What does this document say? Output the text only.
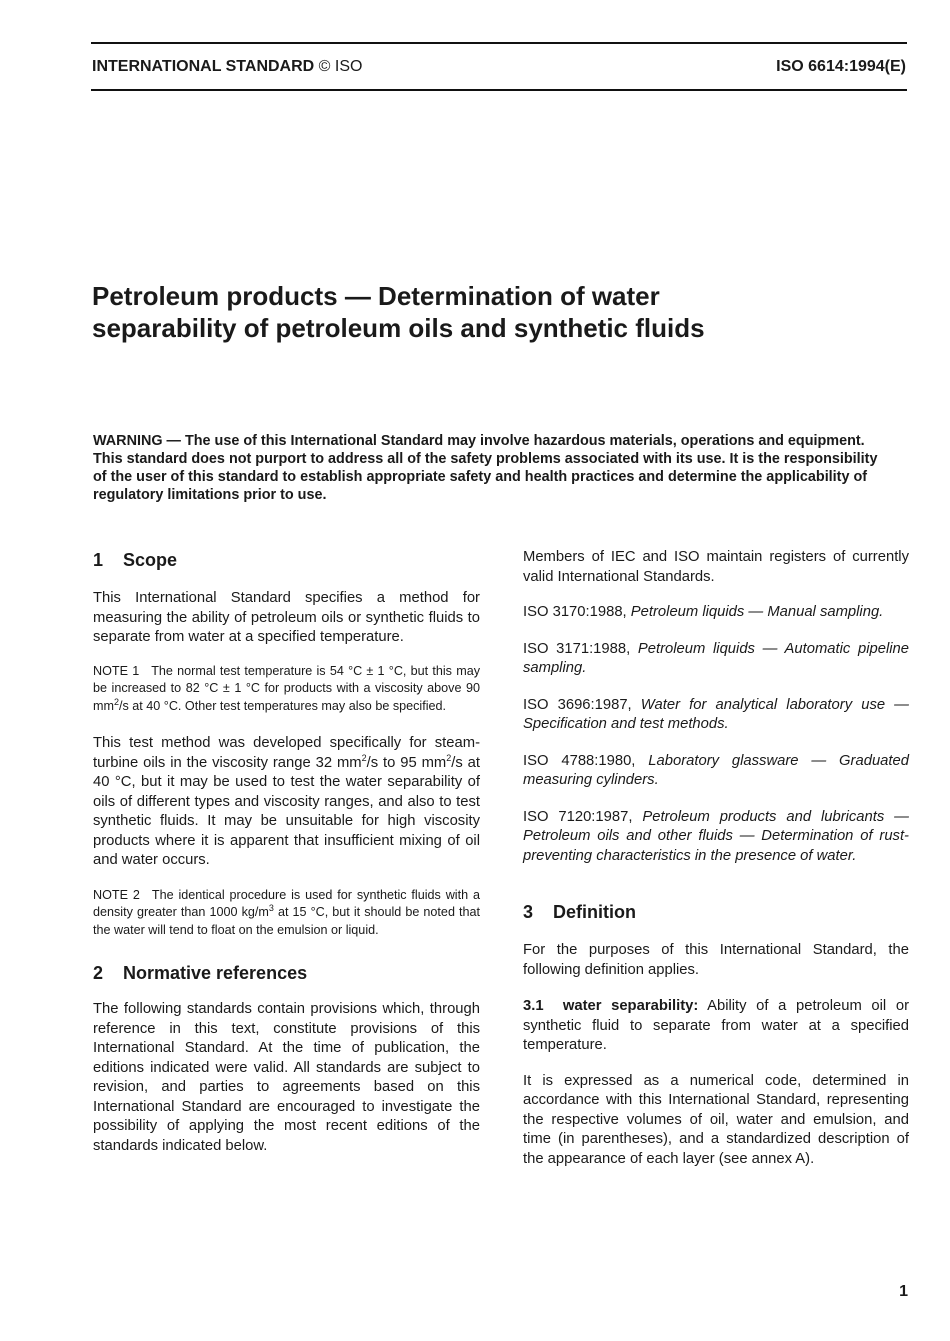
INTERNATIONAL STANDARD © ISO	ISO 6614:1994(E)
Petroleum products — Determination of water
separability of petroleum oils and synthetic fluids

WARNING — The use of this International Standard may involve hazardous materials, operations and equipment. This standard does not purport to address all of the safety problems associated with its use. It is the responsibility of the user of this standard to establish appropriate safety and health practices and determine the applicability of regulatory limitations prior to use.

1 Scope

This International Standard specifies a method for measuring the ability of petroleum oils or synthetic fluids to separate from water at a specified temperature.

NOTE 1 The normal test temperature is 54 °C ± 1 °C, but this may be increased to 82 °C ± 1 °C for products with a viscosity above 90 $mm^2/s$ at 40 °C. Other test temperatures may also be specified.

This test method was developed specifically for steam-turbine oils in the viscosity range 32 $mm^2/s$ to 95 $mm^2/s$ at 40 °C, but it may be used to test the water separability of oils of different types and viscosity ranges, and also to test synthetic fluids. It may be unsuitable for high viscosity products where it is apparent that insufficient mixing of oil and water occurs.

NOTE 2 The identical procedure is used for synthetic fluids with a density greater than 1000 $kg/m^3$ at 15 °C, but it should be noted that the water will tend to float on the emulsion or liquid.

2 Normative references

The following standards contain provisions which, through reference in this text, constitute provisions of this International Standard. At the time of publication, the editions indicated were valid. All standards are subject to revision, and parties to agreements based on this International Standard are encouraged to investigate the possibility of applying the most recent editions of the standards indicated below.

Members of IEC and ISO maintain registers of currently valid International Standards.

ISO 3170:1988, Petroleum liquids — Manual sampling.

ISO 3171:1988, Petroleum liquids — Automatic pipeline sampling.

ISO 3696:1987, Water for analytical laboratory use — Specification and test methods.

ISO 4788:1980, Laboratory glassware — Graduated measuring cylinders.

ISO 7120:1987, Petroleum products and lubricants — Petroleum oils and other fluids — Determination of rust-preventing characteristics in the presence of water.

3 Definition

For the purposes of this International Standard, the following definition applies.

3.1 water separability: Ability of a petroleum oil or synthetic fluid to separate from water at a specified temperature.

It is expressed as a numerical code, determined in accordance with this International Standard, representing the respective volumes of oil, water and emulsion, and time (in parentheses), and a standardized description of the appearance of each layer (see annex A).

1
